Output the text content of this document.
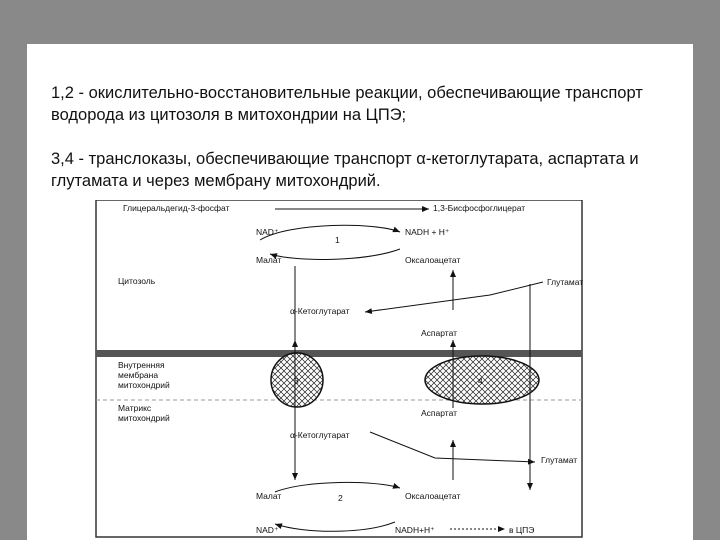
1,2 - окислительно-восстановительные реакции, обеспечивающие транспорт водорода из цитозоля в митохондрии на ЦПЭ;
3,4 - транслоказы, обеспечивающие транспорт α-кетоглутарата, аспартата и глутамата и через мембрану митохондрий.
3	4
Глицеральдегид-3-фосфат	1,3-Бисфосфоглицерат
NAD⁺	NADH + H⁺
1
Малат	Оксалоацетат
Цитозоль	Глутамат
α-Кетоглутарат
Аспартат
Внутренняя
мембрана
митохондрий
Матрикс
митохондрий	Аспартат
α-Кетоглутарат
Глутамат
Малат	2	Оксалоацетат
NAD⁺	NADH+H⁺	в ЦПЭ
